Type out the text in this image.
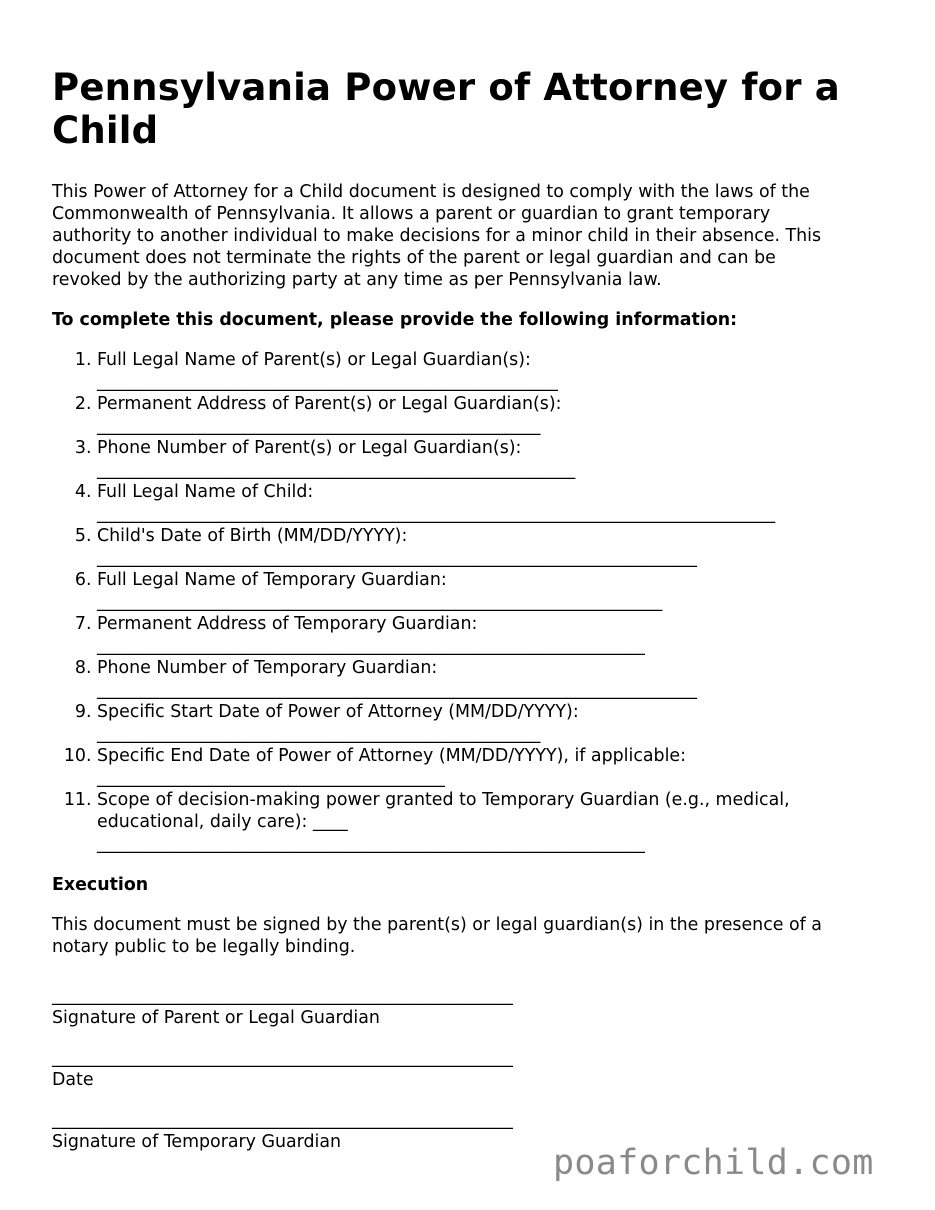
Pennsylvania Power of Attorney for a Child
This Power of Attorney for a Child document is designed to comply with the laws of the
Commonwealth of Pennsylvania. It allows a parent or guardian to grant temporary
authority to another individual to make decisions for a minor child in their absence. This
document does not terminate the rights of the parent or legal guardian and can be
revoked by the authorizing party at any time as per Pennsylvania law.
To complete this document, please provide the following information:
1. Full Legal Name of Parent(s) or Legal Guardian(s):
_____________________________________________________
2. Permanent Address of Parent(s) or Legal Guardian(s):
___________________________________________________
3. Phone Number of Parent(s) or Legal Guardian(s):
_______________________________________________________
4. Full Legal Name of Child:
______________________________________________________________________________
5. Child's Date of Birth (MM/DD/YYYY):
_____________________________________________________________________
6. Full Legal Name of Temporary Guardian:
_________________________________________________________________
7. Permanent Address of Temporary Guardian:
_______________________________________________________________
8. Phone Number of Temporary Guardian:
_____________________________________________________________________
9. Specific Start Date of Power of Attorney (MM/DD/YYYY):
___________________________________________________
10. Specific End Date of Power of Attorney (MM/DD/YYYY), if applicable:
________________________________________
11. Scope of decision-making power granted to Temporary Guardian (e.g., medical,
educational, daily care): ____
_______________________________________________________________
Execution
This document must be signed by the parent(s) or legal guardian(s) in the presence of a
notary public to be legally binding.
_____________________________________________________
Signature of Parent or Legal Guardian
_____________________________________________________
Date
_____________________________________________________
Signature of Temporary Guardian
poaforchild.com
